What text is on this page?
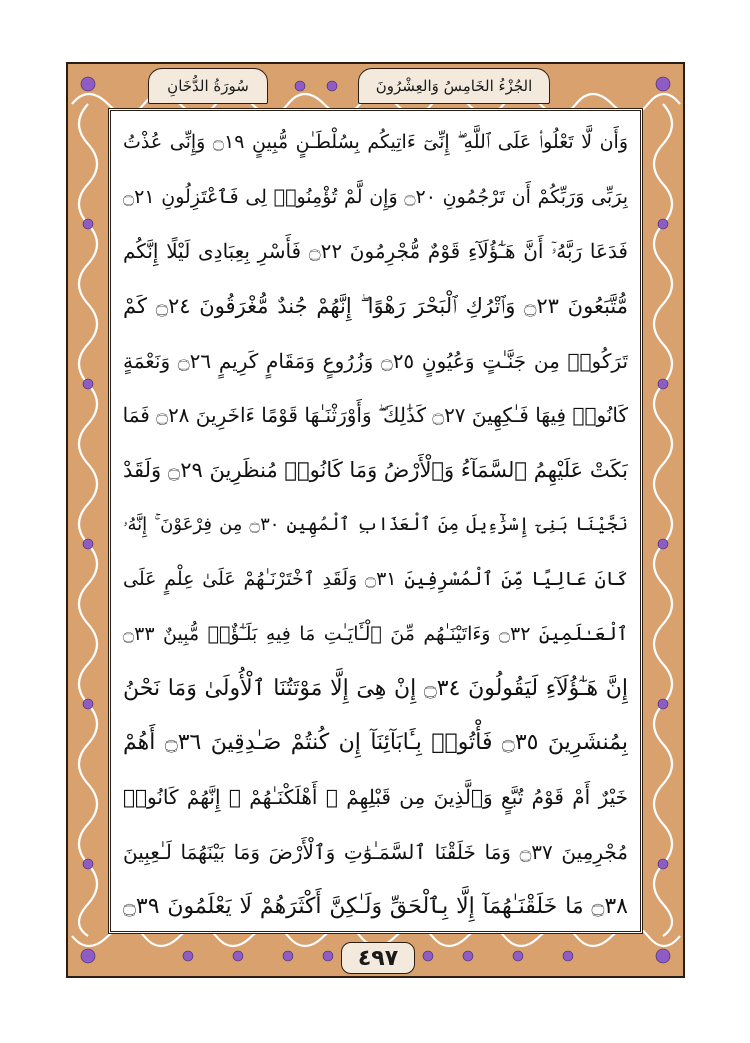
سُورَةُ الدُّخَانِ	الجُزْءُ الخَامِسُ وَالعِشْرُونَ
وَأَن لَّا تَعْلُوا۟ عَلَى ٱللَّهِ ۖ إِنِّىٓ ءَاتِيكُم بِسُلْطَـٰنٍ مُّبِينٍ ۝١٩ وَإِنِّى عُذْتُ
بِرَبِّى وَرَبِّكُمْ أَن تَرْجُمُونِ ۝٢٠ وَإِن لَّمْ تُؤْمِنُوا۟ لِى فَٱعْتَزِلُونِ ۝٢١
فَدَعَا رَبَّهُۥٓ أَنَّ هَـٰٓؤُلَآءِ قَوْمٌ مُّجْرِمُونَ ۝٢٢ فَأَسْرِ بِعِبَادِى لَيْلًا إِنَّكُم
مُّتَّبَعُونَ ۝٢٣ وَٱتْرُكِ ٱلْبَحْرَ رَهْوًا ۖ إِنَّهُمْ جُندٌ مُّغْرَقُونَ ۝٢٤ كَمْ
تَرَكُوا۟ مِن جَنَّـٰتٍ وَعُيُونٍ ۝٢٥ وَزُرُوعٍ وَمَقَامٍ كَرِيمٍ ۝٢٦ وَنَعْمَةٍ
كَانُوا۟ فِيهَا فَـٰكِهِينَ ۝٢٧ كَذَٰلِكَ ۖ وَأَوْرَثْنَـٰهَا قَوْمًا ءَاخَرِينَ ۝٢٨ فَمَا
بَكَتْ عَلَيْهِمُ ٱلسَّمَآءُ وَٱلْأَرْضُ وَمَا كَانُوا۟ مُنظَرِينَ ۝٢٩ وَلَقَدْ
نَجَّيْنَا بَنِىٓ إِسْرَٰٓءِيلَ مِنَ ٱلْعَذَابِ ٱلْمُهِينِ ۝٣٠ مِن فِرْعَوْنَ ۚ إِنَّهُۥ
كَانَ عَالِيًا مِّنَ ٱلْمُسْرِفِينَ ۝٣١ وَلَقَدِ ٱخْتَرْنَـٰهُمْ عَلَىٰ عِلْمٍ عَلَى
ٱلْعَـٰلَمِينَ ۝٣٢ وَءَاتَيْنَـٰهُم مِّنَ ٱلْـَٔايَـٰتِ مَا فِيهِ بَلَـٰٓؤٌا۟ مُّبِينٌ ۝٣٣
إِنَّ هَـٰٓؤُلَآءِ لَيَقُولُونَ ۝٣٤ إِنْ هِىَ إِلَّا مَوْتَتُنَا ٱلْأُولَىٰ وَمَا نَحْنُ
بِمُنشَرِينَ ۝٣٥ فَأْتُوا۟ بِـَٔابَآئِنَآ إِن كُنتُمْ صَـٰدِقِينَ ۝٣٦ أَهُمْ
خَيْرٌ أَمْ قَوْمُ تُبَّعٍ وَٱلَّذِينَ مِن قَبْلِهِمْ ۚ أَهْلَكْنَـٰهُمْ ۖ إِنَّهُمْ كَانُوا۟
مُجْرِمِينَ ۝٣٧ وَمَا خَلَقْنَا ٱلسَّمَـٰوَٰتِ وَٱلْأَرْضَ وَمَا بَيْنَهُمَا لَـٰعِبِينَ
۝٣٨ مَا خَلَقْنَـٰهُمَآ إِلَّا بِٱلْحَقِّ وَلَـٰكِنَّ أَكْثَرَهُمْ لَا يَعْلَمُونَ ۝٣٩
٤٩٧
